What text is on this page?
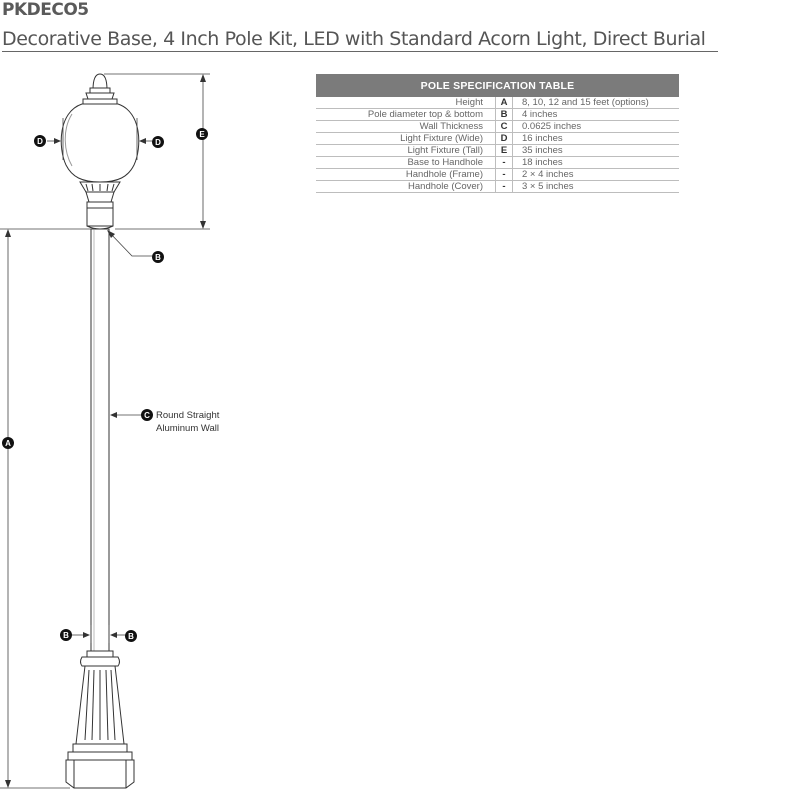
PKDECO5
Decorative Base, 4 Inch Pole Kit, LED with Standard Acorn Light, Direct Burial
A
E
D	D
B
C
B	B
Round Straight
Aluminum Wall
POLE SPECIFICATION TABLE		
Height	A	8, 10, 12 and 15 feet (options)
Pole diameter top & bottom	B	4 inches
Wall Thickness	C	0.0625 inches
Light Fixture (Wide)	D	16 inches
Light Fixture (Tall)	E	35 inches
Base to Handhole	-	18 inches
Handhole (Frame)	-	2 × 4 inches
Handhole (Cover)	-	3 × 5 inches
